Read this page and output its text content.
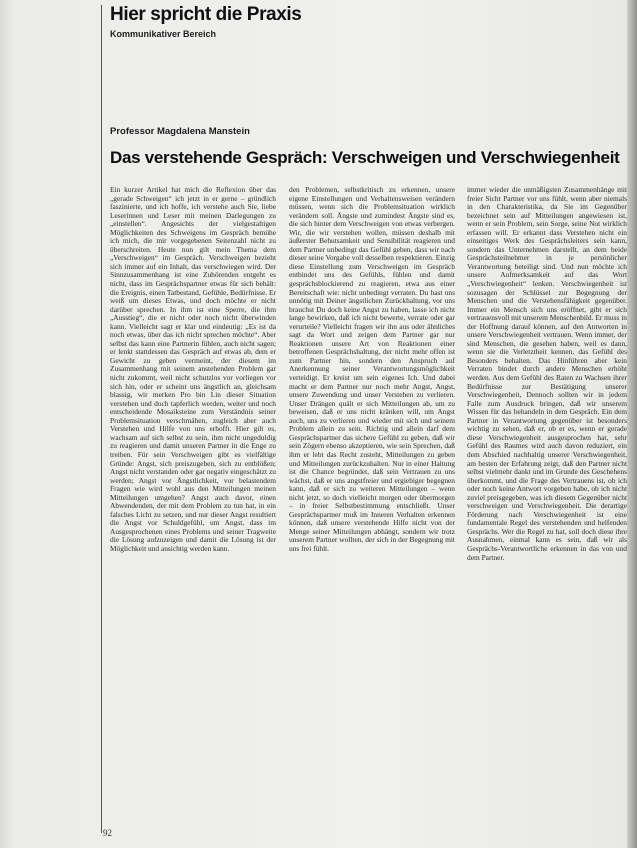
Hier spricht die Praxis
Kommunikativer Bereich
Professor Magdalena Manstein
Das verstehende Gespräch: Verschweigen und Verschwiegenheit

Ein kurzer Artikel hat mich die Reflexion über das „gerade Schweigen“ ich jetzt in er gerne – gründlich faszinierte, und ich hoffe, ich verstehe auch Sie, liebe Leserinnen und Leser mit meinen Darlegungen zu „einstellen“. Angesichts der vielgestaltigen Möglichkeiten des Schweigens im Gespräch bemühe ich mich, die mir vorgegebenen Seitenzahl nicht zu überschreiten. Heute nun gilt mein Thema dem „Verschweigen“ im Gespräch. Verschweigen bezieht sich immer auf ein Inhalt, das verschwiegen wird. Der Sinnzusammenhang ist eine Zuhörenden entgeht es nicht, dass im Gesprächspartner etwas für sich behält: die Ereignis, einen Tatbestand, Gefühle, Bedürfnisse. Er weiß um dieses Etwas, und doch möchte er nicht darüber sprechen. In ihm ist eine Sperre, die ihm „Ausstieg“, die er nicht oder noch nicht überwinden kann. Vielleicht sagt er klar und eindeutig: „Es ist da noch etwas, über das ich nicht sprechen möchte“. Aber selbst das kann eine Partnerin fühlen, auch nicht sagen; er lenkt stattdessen das Gespräch auf etwas ab, dem er Gewicht zu geben vermeint, der diesem im Zusammenhang mit seinem anstehenden Problem gar nicht zukommt, weil nicht schutzlos vor vorliegen vor sich hin, oder er scheint uns ängstlich an, gleichsam blassig, wir merken Pro bin Lin dieser Situation verstehen und doch tapferlich werden, weiter und noch entscheidende Mosaiksteine zum Verständnis seiner Problemsituation verschmähen, zugleich aber auch Verstehen und Hilfe von uns erhofft. Hier gilt es, wachsam auf sich selbst zu sein, ihm nicht ungeduldig zu reagieren und damit unseren Partner in die Enge zu treiben. Für sein Verschweigen gibt es vielfältige Gründe: Angst, sich preiszugeben, sich zu entblößen; Angst nicht verstanden oder gar negativ eingeschätzt zu werden; Angst vor Ängstlichkeit, vor belastendem Fragen wie wird wohl aus den Mitteilungen meinen Mitteilungen umgehen? Angst auch davor, einen Abwendenden, der mit dem Problem zu tun hat, in ein falsches Licht zu setzen, und nur dieser Angst resultiert die Angst vor Schuldgefühl, um Angst, dass im Ausgesprochenen eines Problems und seiner Tragweite die Lösung aufzuzeigen und damit die Lösung ist der Möglichkeit und ansichtig werden kann.

den Problemen, selbstkritisch zu erkennen, unsere eigene Einstellungen und Verhaltensweisen verändern müssen, wenn sich die Problemsituation wirklich verändern soll. Ängste und zumindest Ängste sind es, die sich hinter dem Verschweigen von etwas verbergen. Wir, die wir verstehen wollen, müssen deshalb mit äußerster Behutsamkeit und Sensibilität reagieren und dem Partner unbedingt das Gefühl geben, dass wir nach dieser seine Vorgabe voll desselben respektieren. Einzig diese Einstellung zum Verschweigen im Gespräch entbindet uns des Gefühls, fühlen und damit gesprächsblockierend zu reagieren, etwa aus einer Bereitschaft wie: nicht unbedingt verraten. Du hast uns unnötig mit Deiner ängstlichen Zurückhaltung, vor uns brauchst Du doch keine Angst zu haben, lasse ich nicht lange bewirken, daß ich nicht bewerte, verrate oder gar verurteile? Vielleicht fragen wir ihn aus oder ähnliches sagt da Wort und zeigen dem Partner gar nur Reaktionen unsere Art von Reaktionen einer betroffenen Gesprächshaltung, der nicht mehr offen ist zum Partner hin, sondern den Anspruch auf Anerkennung seiner Verantwortungsmöglichkeit verteidigt. Er kreist um sein eigenes Ich. Und dabei macht er dem Partner nur noch mehr Angst, Angst, unsere Zuwendung und unser Verstehen zu verlieren. Unser Drängen quält er sich Mitteilungen ab, um zu beweisen, daß er uns nicht kränken will, um Angst auch, uns zu verlieren und wieder mit sich und seinem Problem allein zu sein. Richtig und allein darf dem Gesprächspartner das sichere Gefühl zu geben, daß wir sein Zögern ebenso akzeptieren, wie sein Sprechen, daß ihm er lebt das Recht zusteht, Mitteilungen zu geben und Mitteilungen zurückzuhalten. Nur in einer Haltung ist die Chance begründet, daß sein Vertrauen zu uns wächst, daß er uns angstfreier und ergiebiger begegnen kann, daß er sich zu weiteren Mitteilungen – wenn nicht jetzt, so doch vielleicht morgen oder übermorgen – in freier Selbstbestimmung entschließt. Unser Gesprächspartner muß im Inneren Verhalten erkennen können, daß unsere verstehende Hilfe nicht von der Menge seiner Mitteilungen abhängt, sondern wir trotz unserem Partner wollten, der sich in der Begegnung mit uns frei fühlt.

immer wieder die unmäßigsten Zusammenhänge mit freier Sicht Partner vor uns fühlt, wenn aber niemals in den Charakteristika, da Sie im Gegenüber bezeichnet sein auf Mitteilungen angewiesen ist, wenn er sein Problem, sein Sorge, seine Not wirklich erfassen will. Er erkannt dass Verstehen nicht ein einseitiges Werk des Gesprächsleiters sein kann, sondern das Unternehmen darstellt, an dem beide Gesprächsteilnehmer in je persönlicher Verantwortung beteiligt sind. Und nun möchte ich unsere Aufmerksamkeit auf das Wort „Verschwiegenheit“ lenken. Verschwiegenheit ist sozusagen der Schlüssel zur Begegnung der Menschen und die Verstehensfähigkeit gegenüber. Immer ein Mensch sich uns eröffnet, gibt er sich vertrauensvoll mit unserem Menschenbild. Er muss in der Hoffnung darauf können, auf den Antworten in unsere Verschwiegenheit vertrauen. Wenn immer, der sind Menschen, die gesehen haben, weil es dann, wenn sie die Verletztheit kennen, das Gefühl des Besonders behalten. Das Hinführen aber kein Verraten bindet durch andere Menschen erhöht werden. Aus dem Gefühl des Raten zu Wachsen ihrer Bedürfnisse zur Bestätigung unserer Verschwiegenheit, Dennoch sollten wir in jedem Falle zum Ausdruck bringen, daß wir unserem Wissen für das behandeln in dem Gespräch. Ein dem Partner in Verantwortung gegenüber ist besonders wichtig zu sehen, daß er, ob er es, wenn er gerade diese Verschwiegenheit ausgesprochen hat, sehr Gefühl des Raumes wird auch davon reduziert, ein dem Abschied nachhaltig unserer Verschwiegenheit, am besten der Erfahrung zeigt, daß den Partner nicht selbst vielmehr dankt und im Grunde des Geschehens überkommt, und die Frage des Vertrauens ist, ob ich oder noch keine Antwort vorgeben habe, ob ich nicht zuviel preisgegeben, was ich diesem Gegenüber nicht verschweigen und Verschwiegenheit. Die derartige Förderung nach Verschwiegenheit ist eine fundamentale Regel des verstehenden und helfenden Gesprächs. Wer die Regel zu hat, soll doch diese ihre Ausnahmen, einmal kann es sein, daß wir als Gesprächs-Verantwortliche erkennen in das von und dem Partner.

92
